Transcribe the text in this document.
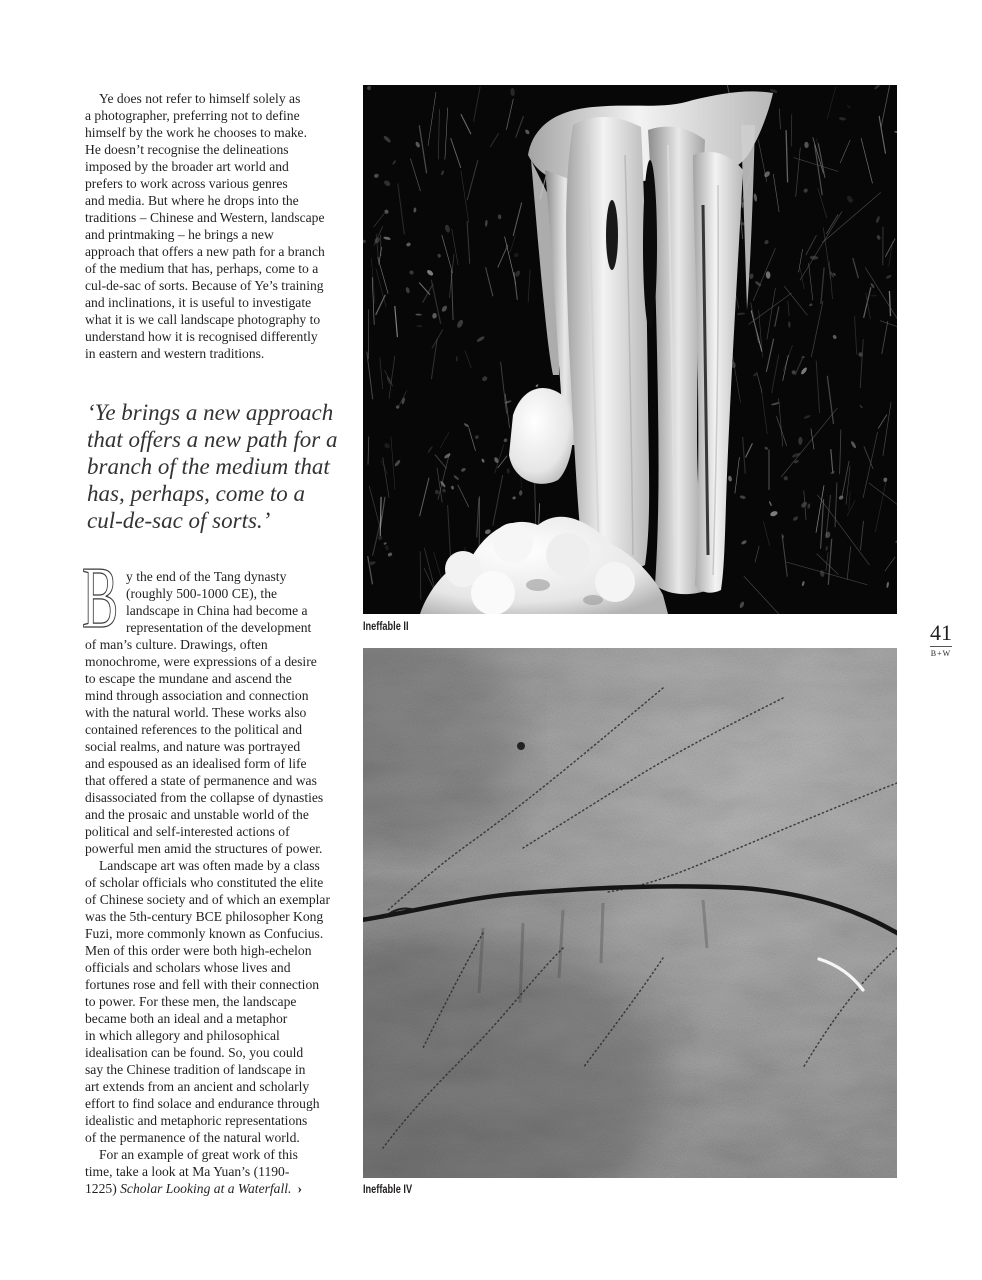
Ye does not refer to himself solely as
a photographer, preferring not to define
himself by the work he chooses to make.
He doesn’t recognise the delineations
imposed by the broader art world and
prefers to work across various genres
and media. But where he drops into the
traditions – Chinese and Western, landscape
and printmaking – he brings a new
approach that offers a new path for a branch
of the medium that has, perhaps, come to a
cul-de-sac of sorts. Because of Ye’s training
and inclinations, it is useful to investigate
what it is we call landscape photography to
understand how it is recognised differently
in eastern and western traditions.
‘Ye brings a new approach
that offers a new path for a
branch of the medium that
has, perhaps, come to a
cul-de-sac of sorts.’
B y the end of the Tang dynasty
(roughly 500-1000 CE), the
landscape in China had become a
representation of the development
of man’s culture. Drawings, often
monochrome, were expressions of a desire
to escape the mundane and ascend the
mind through association and connection
with the natural world. These works also
contained references to the political and
social realms, and nature was portrayed
and espoused as an idealised form of life
that offered a state of permanence and was
disassociated from the collapse of dynasties
and the prosaic and unstable world of the
political and self-interested actions of
powerful men amid the structures of power.
Landscape art was often made by a class
of scholar officials who constituted the elite
of Chinese society and of which an exemplar
was the 5th-century BCE philosopher Kong
Fuzi, more commonly known as Confucius.
Men of this order were both high-echelon
officials and scholars whose lives and
fortunes rose and fell with their connection
to power. For these men, the landscape
became both an ideal and a metaphor
in which allegory and philosophical
idealisation can be found. So, you could
say the Chinese tradition of landscape in
art extends from an ancient and scholarly
effort to find solace and endurance through
idealistic and metaphoric representations
of the permanence of the natural world.
For an example of great work of this
time, take a look at Ma Yuan’s (1190-
1225) Scholar Looking at a Waterfall. ›
Ineffable II	41
B+W
Ineffable IV
